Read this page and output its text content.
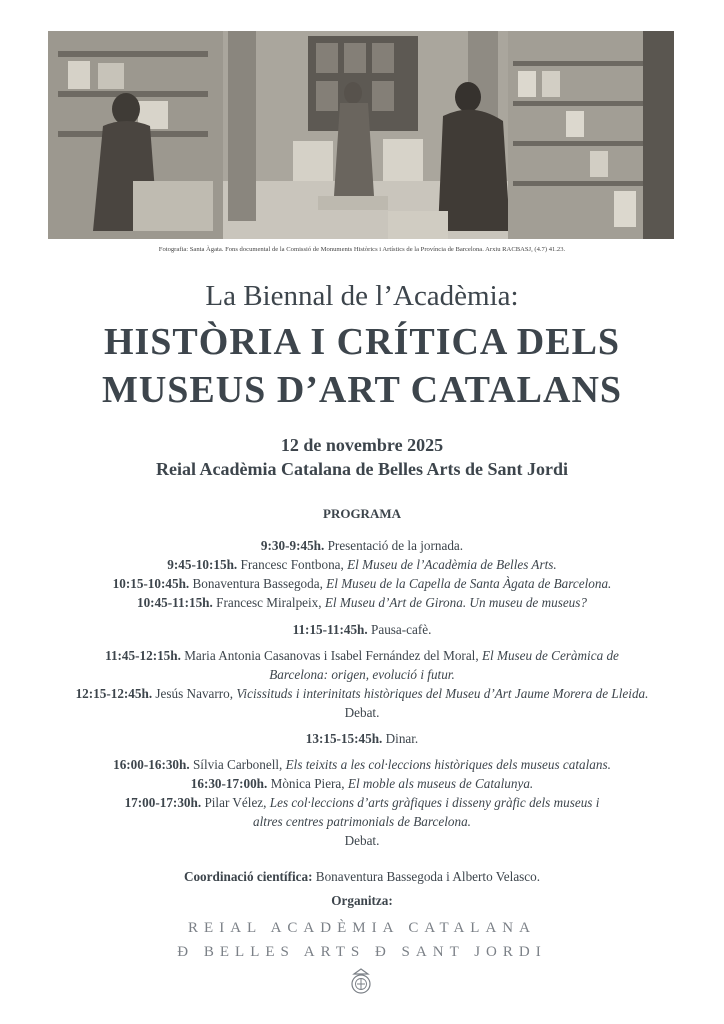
Fotografia: Santa Àgata. Fons documental de la Comissió de Monuments Històrics i Artístics de la Província de Barcelona. Arxiu RACBASJ, (4.7) 41.23.
La Biennal de l’Acadèmia:
HISTÒRIA I CRÍTICA DELS
MUSEUS D’ART CATALANS
12 de novembre 2025
Reial Acadèmia Catalana de Belles Arts de Sant Jordi
PROGRAMA
9:30-9:45h. Presentació de la jornada.
9:45-10:15h. Francesc Fontbona, El Museu de l’Acadèmia de Belles Arts.
10:15-10:45h. Bonaventura Bassegoda, El Museu de la Capella de Santa Àgata de Barcelona.
10:45-11:15h. Francesc Miralpeix, El Museu d’Art de Girona. Un museu de museus?
11:15-11:45h. Pausa-cafè.
11:45-12:15h. Maria Antonia Casanovas i Isabel Fernández del Moral, El Museu de Ceràmica de
Barcelona: origen, evolució i futur.
12:15-12:45h. Jesús Navarro, Vicissituds i interinitats històriques del Museu d’Art Jaume Morera de Lleida.
Debat.
13:15-15:45h. Dinar.
16:00-16:30h. Sílvia Carbonell, Els teixits a les col·leccions històriques dels museus catalans.
16:30-17:00h. Mònica Piera, El moble als museus de Catalunya.
17:00-17:30h. Pilar Vélez, Les col·leccions d’arts gràfiques i disseny gràfic dels museus i
altres centres patrimonials de Barcelona.
Debat.
Coordinació científica: Bonaventura Bassegoda i Alberto Velasco.
Organitza:
REIAL ACADÈMIA CATALANA
Ð BELLES ARTS Ð SANT JORDI
